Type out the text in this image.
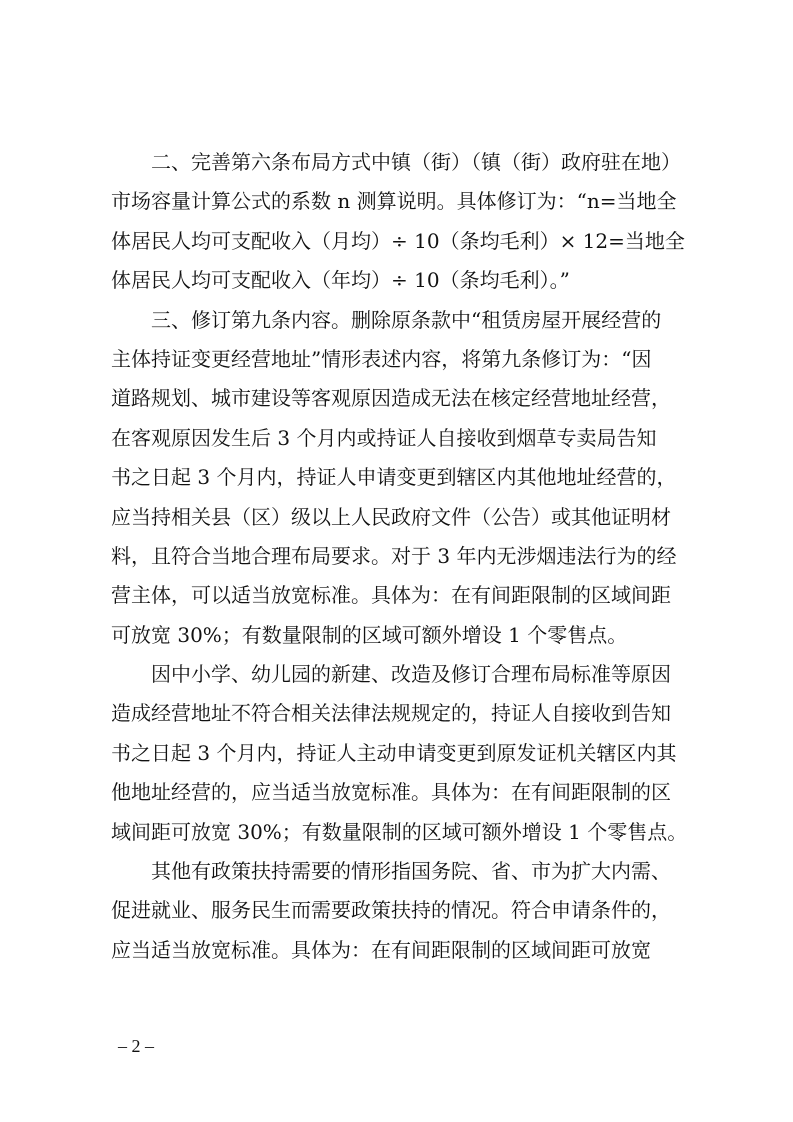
二、完善第六条布局方式中镇（街）（镇（街）政府驻在地）
市场容量计算公式的系数 n 测算说明。具体修订为：“n=当地全
体居民人均可支配收入（月均）÷ 10（条均毛利）× 12=当地全
体居民人均可支配收入（年均）÷ 10（条均毛利）。”
三、修订第九条内容。删除原条款中“租赁房屋开展经营的
主体持证变更经营地址”情形表述内容，将第九条修订为：“因
道路规划、城市建设等客观原因造成无法在核定经营地址经营，
在客观原因发生后 3 个月内或持证人自接收到烟草专卖局告知
书之日起 3 个月内，持证人申请变更到辖区内其他地址经营的，
应当持相关县（区）级以上人民政府文件（公告）或其他证明材
料，且符合当地合理布局要求。对于 3 年内无涉烟违法行为的经
营主体，可以适当放宽标准。具体为：在有间距限制的区域间距
可放宽 30%；有数量限制的区域可额外增设 1 个零售点。
因中小学、幼儿园的新建、改造及修订合理布局标准等原因
造成经营地址不符合相关法律法规规定的，持证人自接收到告知
书之日起 3 个月内，持证人主动申请变更到原发证机关辖区内其
他地址经营的，应当适当放宽标准。具体为：在有间距限制的区
域间距可放宽 30%；有数量限制的区域可额外增设 1 个零售点。
其他有政策扶持需要的情形指国务院、省、市为扩大内需、
促进就业、服务民生而需要政策扶持的情况。符合申请条件的，
应当适当放宽标准。具体为：在有间距限制的区域间距可放宽
– 2 –
